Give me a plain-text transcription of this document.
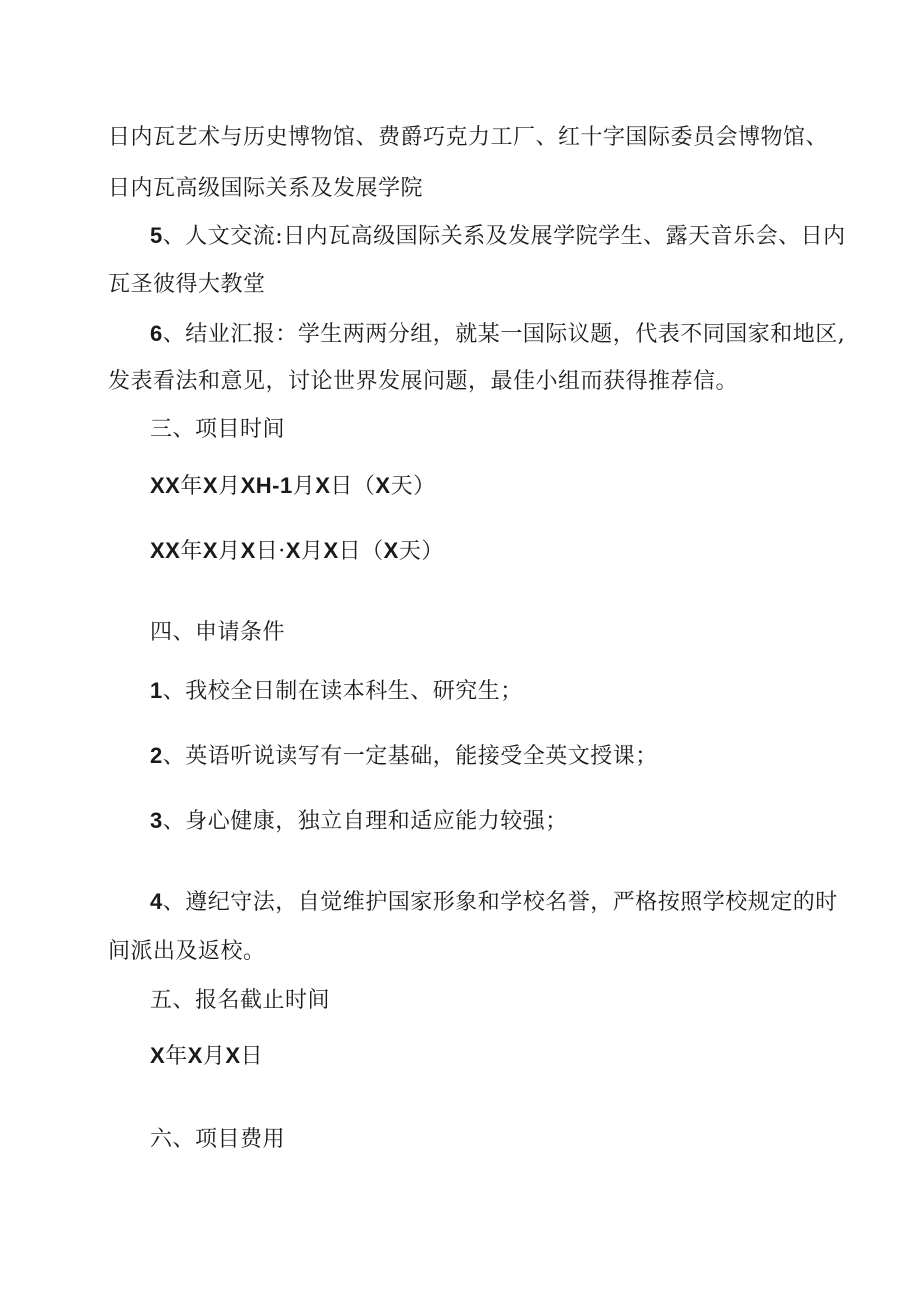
日内瓦艺术与历史博物馆、费爵巧克力工厂、红十字国际委员会博物馆、
日内瓦高级国际关系及发展学院
5、人文交流:日内瓦高级国际关系及发展学院学生、露天音乐会、日内
瓦圣彼得大教堂
6、结业汇报：学生两两分组，就某一国际议题，代表不同国家和地区,
发表看法和意见，讨论世界发展问题，最佳小组而获得推荐信。
三、项目时间
XX年X月XH-1月X日（X天）
XX年X月X日·X月X日（X天）
四、申请条件
1、我校全日制在读本科生、研究生；
2、英语听说读写有一定基础，能接受全英文授课；
3、身心健康，独立自理和适应能力较强；
4、遵纪守法，自觉维护国家形象和学校名誉，严格按照学校规定的时
间派出及返校。
五、报名截止时间
X年X月X日
六、项目费用
